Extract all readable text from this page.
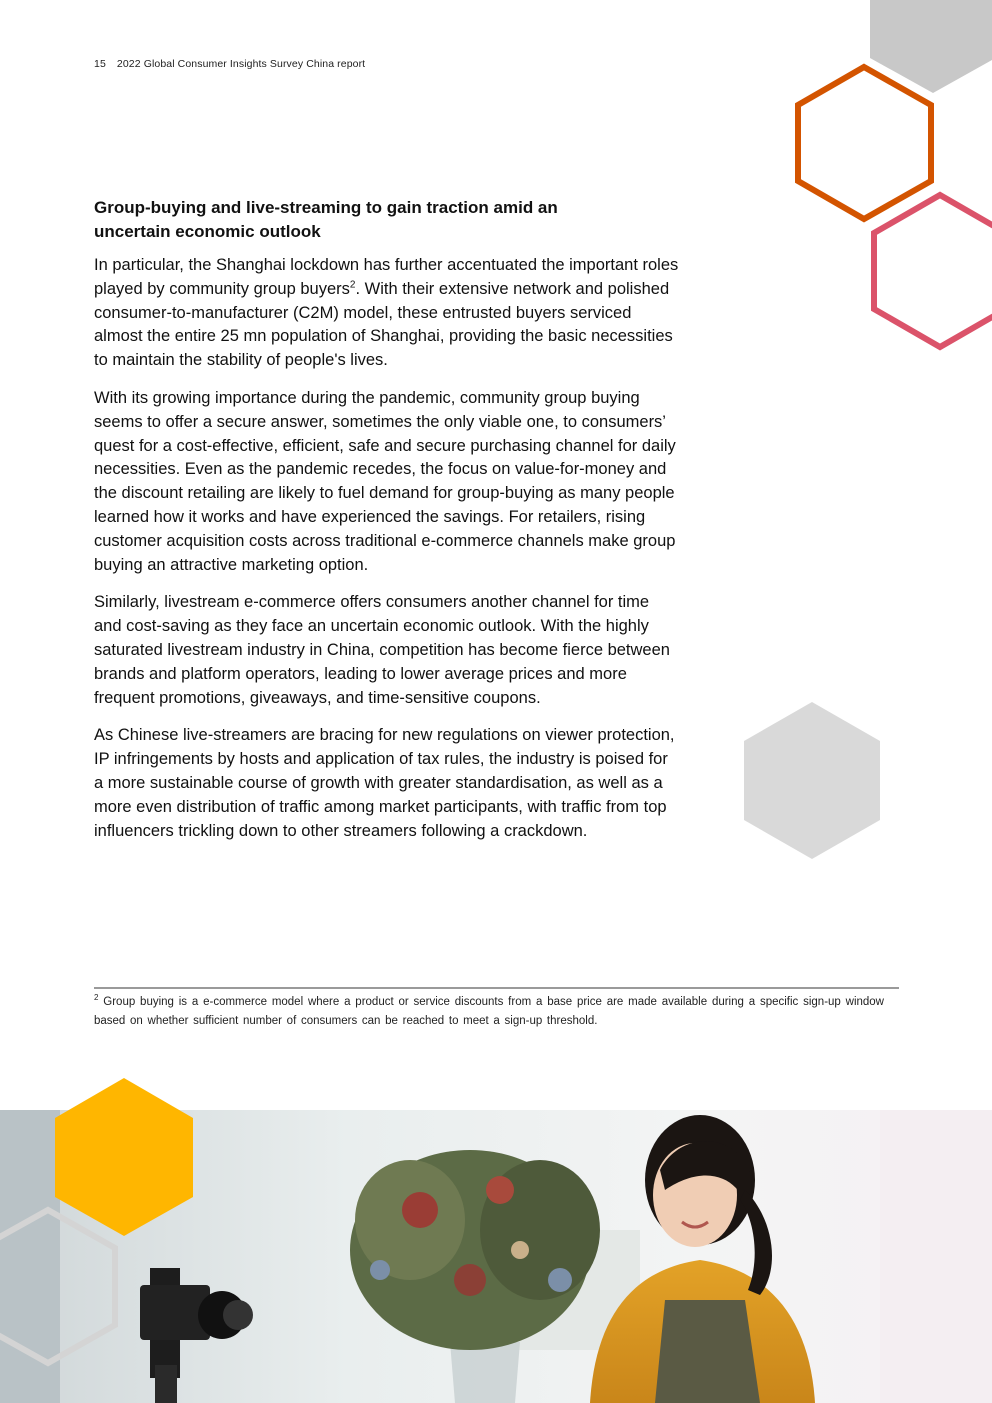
15 2022 Global Consumer Insights Survey China report
Group-buying and live-streaming to gain traction amid an
uncertain economic outlook

In particular, the Shanghai lockdown has further accentuated the important roles played by community group buyers$^2$. With their extensive network and polished consumer-to-manufacturer (C2M) model, these entrusted buyers serviced almost the entire 25 mn population of Shanghai, providing the basic necessities to maintain the stability of people's lives.

With its growing importance during the pandemic, community group buying seems to offer a secure answer, sometimes the only viable one, to consumers’ quest for a cost-effective, efficient, safe and secure purchasing channel for daily necessities. Even as the pandemic recedes, the focus on value-for-money and the discount retailing are likely to fuel demand for group-buying as many people learned how it works and have experienced the savings. For retailers, rising customer acquisition costs across traditional e-commerce channels make group buying an attractive marketing option.

Similarly, livestream e-commerce offers consumers another channel for time and cost-saving as they face an uncertain economic outlook. With the highly saturated livestream industry in China, competition has become fierce between brands and platform operators, leading to lower average prices and more frequent promotions, giveaways, and time-sensitive coupons.

As Chinese live-streamers are bracing for new regulations on viewer protection, IP infringements by hosts and application of tax rules, the industry is poised for a more sustainable course of growth with greater standardisation, as well as a more even distribution of traffic among market participants, with traffic from top influencers trickling down to other streamers following a crackdown.

$^2$ Group buying is a e-commerce model where a product or service discounts from a base price are made available during a specific sign-up window based on whether sufficient number of consumers can be reached to meet a sign-up threshold.
